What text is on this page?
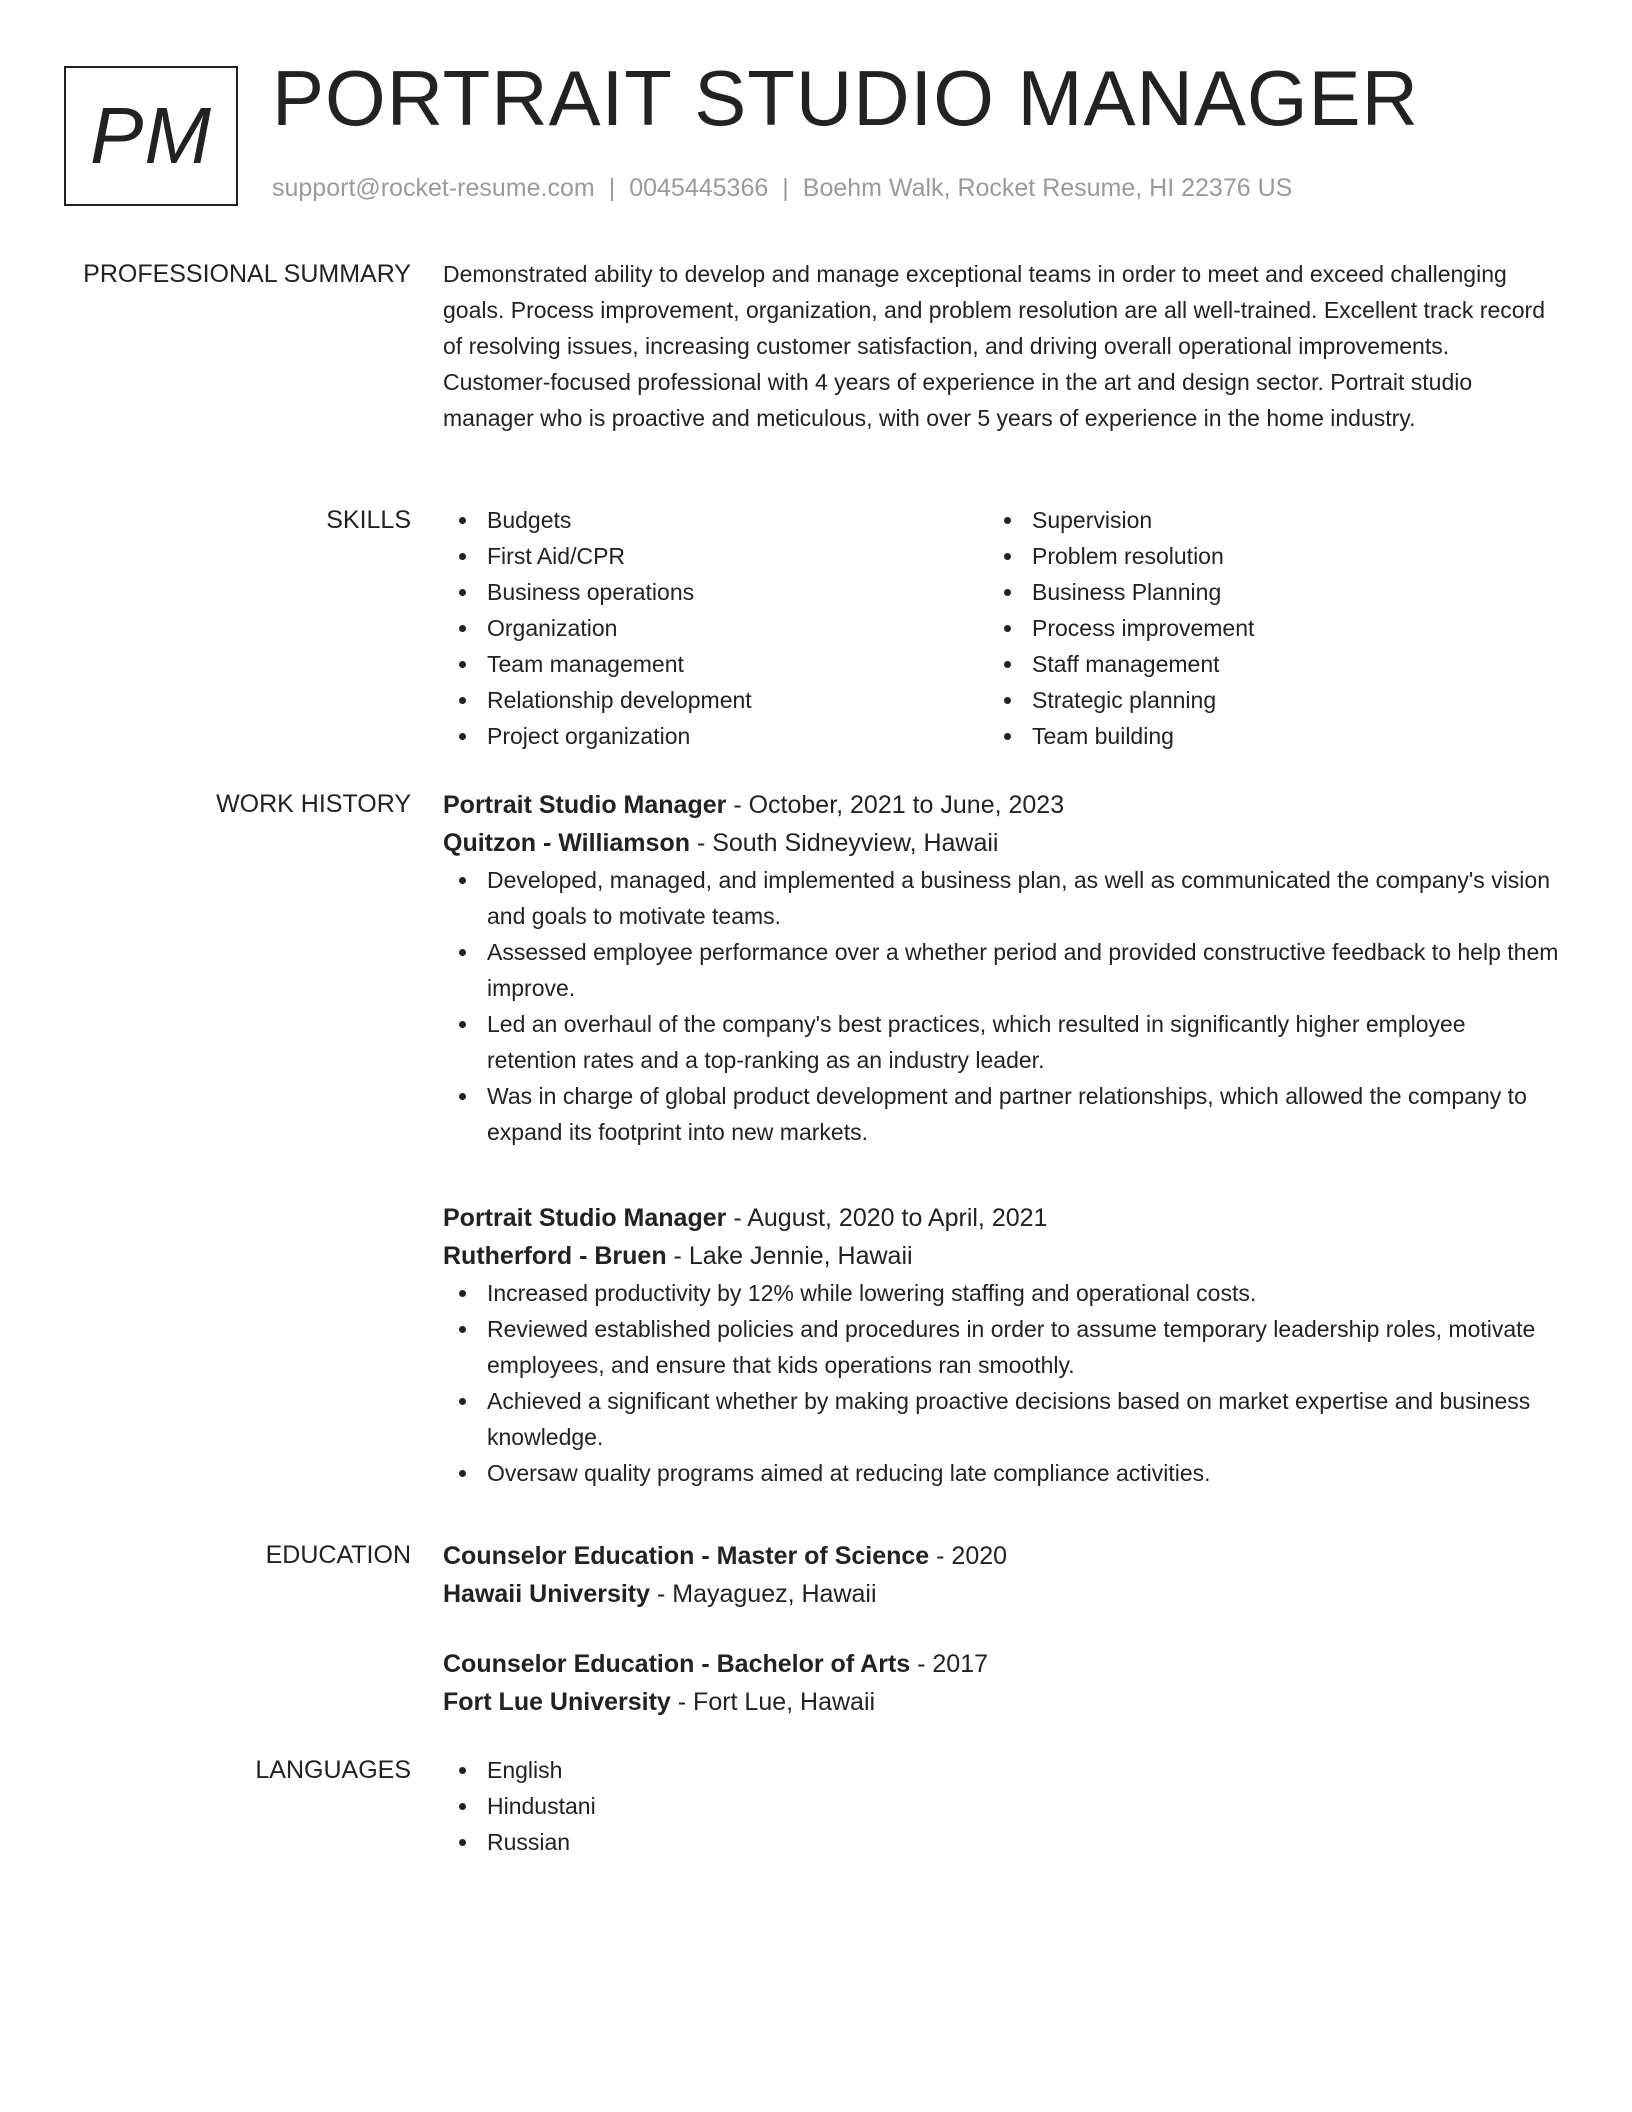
PM PORTRAIT STUDIO MANAGER
support@rocket-resume.com | 0045445366 | Boehm Walk, Rocket Resume, HI 22376 US
PROFESSIONAL SUMMARY Demonstrated ability to develop and manage exceptional teams in order to meet and exceed challenging goals. Process improvement, organization, and problem resolution are all well-trained. Excellent track record of resolving issues, increasing customer satisfaction, and driving overall operational improvements. Customer-focused professional with 4 years of experience in the art and design sector. Portrait studio manager who is proactive and meticulous, with over 5 years of experience in the home industry.

SKILLS	Budgets
First Aid/CPR
Business operations
Organization
Team management
Relationship development
Project organization
Supervision
Problem resolution
Business Planning
Process improvement
Staff management
Strategic planning
Team building
WORK HISTORY Portrait Studio Manager - October, 2021 to June, 2023
Quitzon - Williamson - South Sidneyview, Hawaii
Developed, managed, and implemented a business plan, as well as communicated the company's vision and goals to motivate teams.
Assessed employee performance over a whether period and provided constructive feedback to help them improve.
Led an overhaul of the company's best practices, which resulted in significantly higher employee retention rates and a top-ranking as an industry leader.
Was in charge of global product development and partner relationships, which allowed the company to expand its footprint into new markets.
Portrait Studio Manager - August, 2020 to April, 2021
Rutherford - Bruen - Lake Jennie, Hawaii
Increased productivity by 12% while lowering staffing and operational costs.
Reviewed established policies and procedures in order to assume temporary leadership roles, motivate employees, and ensure that kids operations ran smoothly.
Achieved a significant whether by making proactive decisions based on market expertise and business knowledge.
Oversaw quality programs aimed at reducing late compliance activities.
EDUCATION Counselor Education - Master of Science - 2020
Hawaii University - Mayaguez, Hawaii
Counselor Education - Bachelor of Arts - 2017
Fort Lue University - Fort Lue, Hawaii
LANGUAGES	English
Hindustani
Russian
